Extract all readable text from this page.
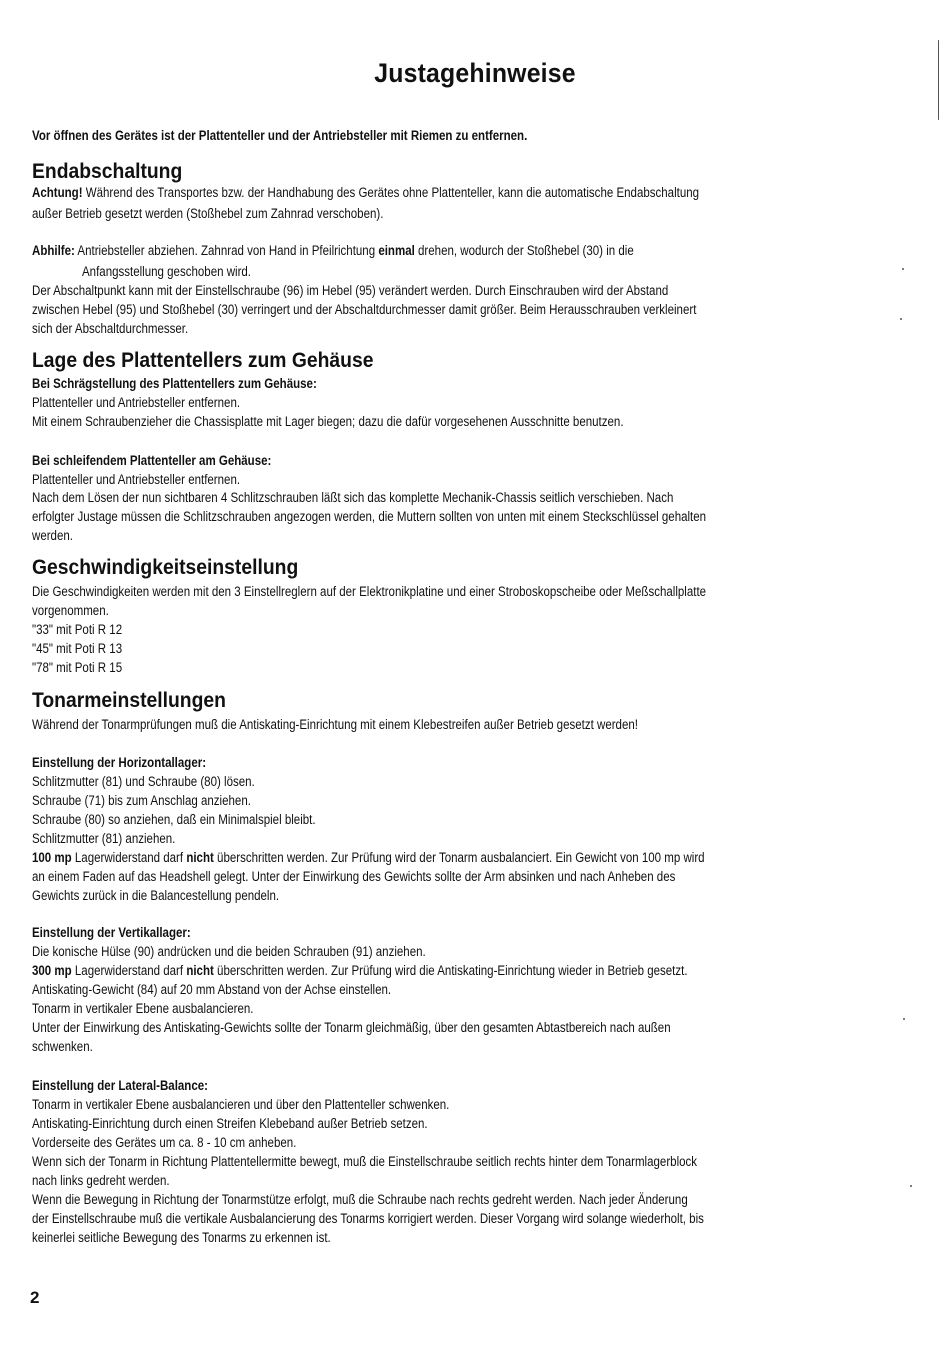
Justagehinweise
Vor öffnen des Gerätes ist der Plattenteller und der Antriebsteller mit Riemen zu entfernen.
Endabschaltung
Achtung! Während des Transportes bzw. der Handhabung des Gerätes ohne Plattenteller, kann die automatische Endabschaltung
außer Betrieb gesetzt werden (Stoßhebel zum Zahnrad verschoben).
Abhilfe: Antriebsteller abziehen. Zahnrad von Hand in Pfeilrichtung einmal drehen, wodurch der Stoßhebel (30) in die
Anfangsstellung geschoben wird.
Der Abschaltpunkt kann mit der Einstellschraube (96) im Hebel (95) verändert werden. Durch Einschrauben wird der Abstand
zwischen Hebel (95) und Stoßhebel (30) verringert und der Abschaltdurchmesser damit größer. Beim Herausschrauben verkleinert
sich der Abschaltdurchmesser.
Lage des Plattentellers zum Gehäuse
Bei Schrägstellung des Plattentellers zum Gehäuse:
Plattenteller und Antriebsteller entfernen.
Mit einem Schraubenzieher die Chassisplatte mit Lager biegen; dazu die dafür vorgesehenen Ausschnitte benutzen.
Bei schleifendem Plattenteller am Gehäuse:
Plattenteller und Antriebsteller entfernen.
Nach dem Lösen der nun sichtbaren 4 Schlitzschrauben läßt sich das komplette Mechanik-Chassis seitlich verschieben. Nach
erfolgter Justage müssen die Schlitzschrauben angezogen werden, die Muttern sollten von unten mit einem Steckschlüssel gehalten
werden.
Geschwindigkeitseinstellung
Die Geschwindigkeiten werden mit den 3 Einstellreglern auf der Elektronikplatine und einer Stroboskopscheibe oder Meßschallplatte
vorgenommen.
"33" mit Poti R 12
"45" mit Poti R 13
"78" mit Poti R 15
Tonarmeinstellungen
Während der Tonarmprüfungen muß die Antiskating-Einrichtung mit einem Klebestreifen außer Betrieb gesetzt werden!
Einstellung der Horizontallager:
Schlitzmutter (81) und Schraube (80) lösen.
Schraube (71) bis zum Anschlag anziehen.
Schraube (80) so anziehen, daß ein Minimalspiel bleibt.
Schlitzmutter (81) anziehen.
100 mp Lagerwiderstand darf nicht überschritten werden. Zur Prüfung wird der Tonarm ausbalanciert. Ein Gewicht von 100 mp wird
an einem Faden auf das Headshell gelegt. Unter der Einwirkung des Gewichts sollte der Arm absinken und nach Anheben des
Gewichts zurück in die Balancestellung pendeln.
Einstellung der Vertikallager:
Die konische Hülse (90) andrücken und die beiden Schrauben (91) anziehen.
300 mp Lagerwiderstand darf nicht überschritten werden. Zur Prüfung wird die Antiskating-Einrichtung wieder in Betrieb gesetzt.
Antiskating-Gewicht (84) auf 20 mm Abstand von der Achse einstellen.
Tonarm in vertikaler Ebene ausbalancieren.
Unter der Einwirkung des Antiskating-Gewichts sollte der Tonarm gleichmäßig, über den gesamten Abtastbereich nach außen
schwenken.
Einstellung der Lateral-Balance:
Tonarm in vertikaler Ebene ausbalancieren und über den Plattenteller schwenken.
Antiskating-Einrichtung durch einen Streifen Klebeband außer Betrieb setzen.
Vorderseite des Gerätes um ca. 8 - 10 cm anheben.
Wenn sich der Tonarm in Richtung Plattentellermitte bewegt, muß die Einstellschraube seitlich rechts hinter dem Tonarmlagerblock
nach links gedreht werden.
Wenn die Bewegung in Richtung der Tonarmstütze erfolgt, muß die Schraube nach rechts gedreht werden. Nach jeder Änderung
der Einstellschraube muß die vertikale Ausbalancierung des Tonarms korrigiert werden. Dieser Vorgang wird solange wiederholt, bis
keinerlei seitliche Bewegung des Tonarms zu erkennen ist.
2
